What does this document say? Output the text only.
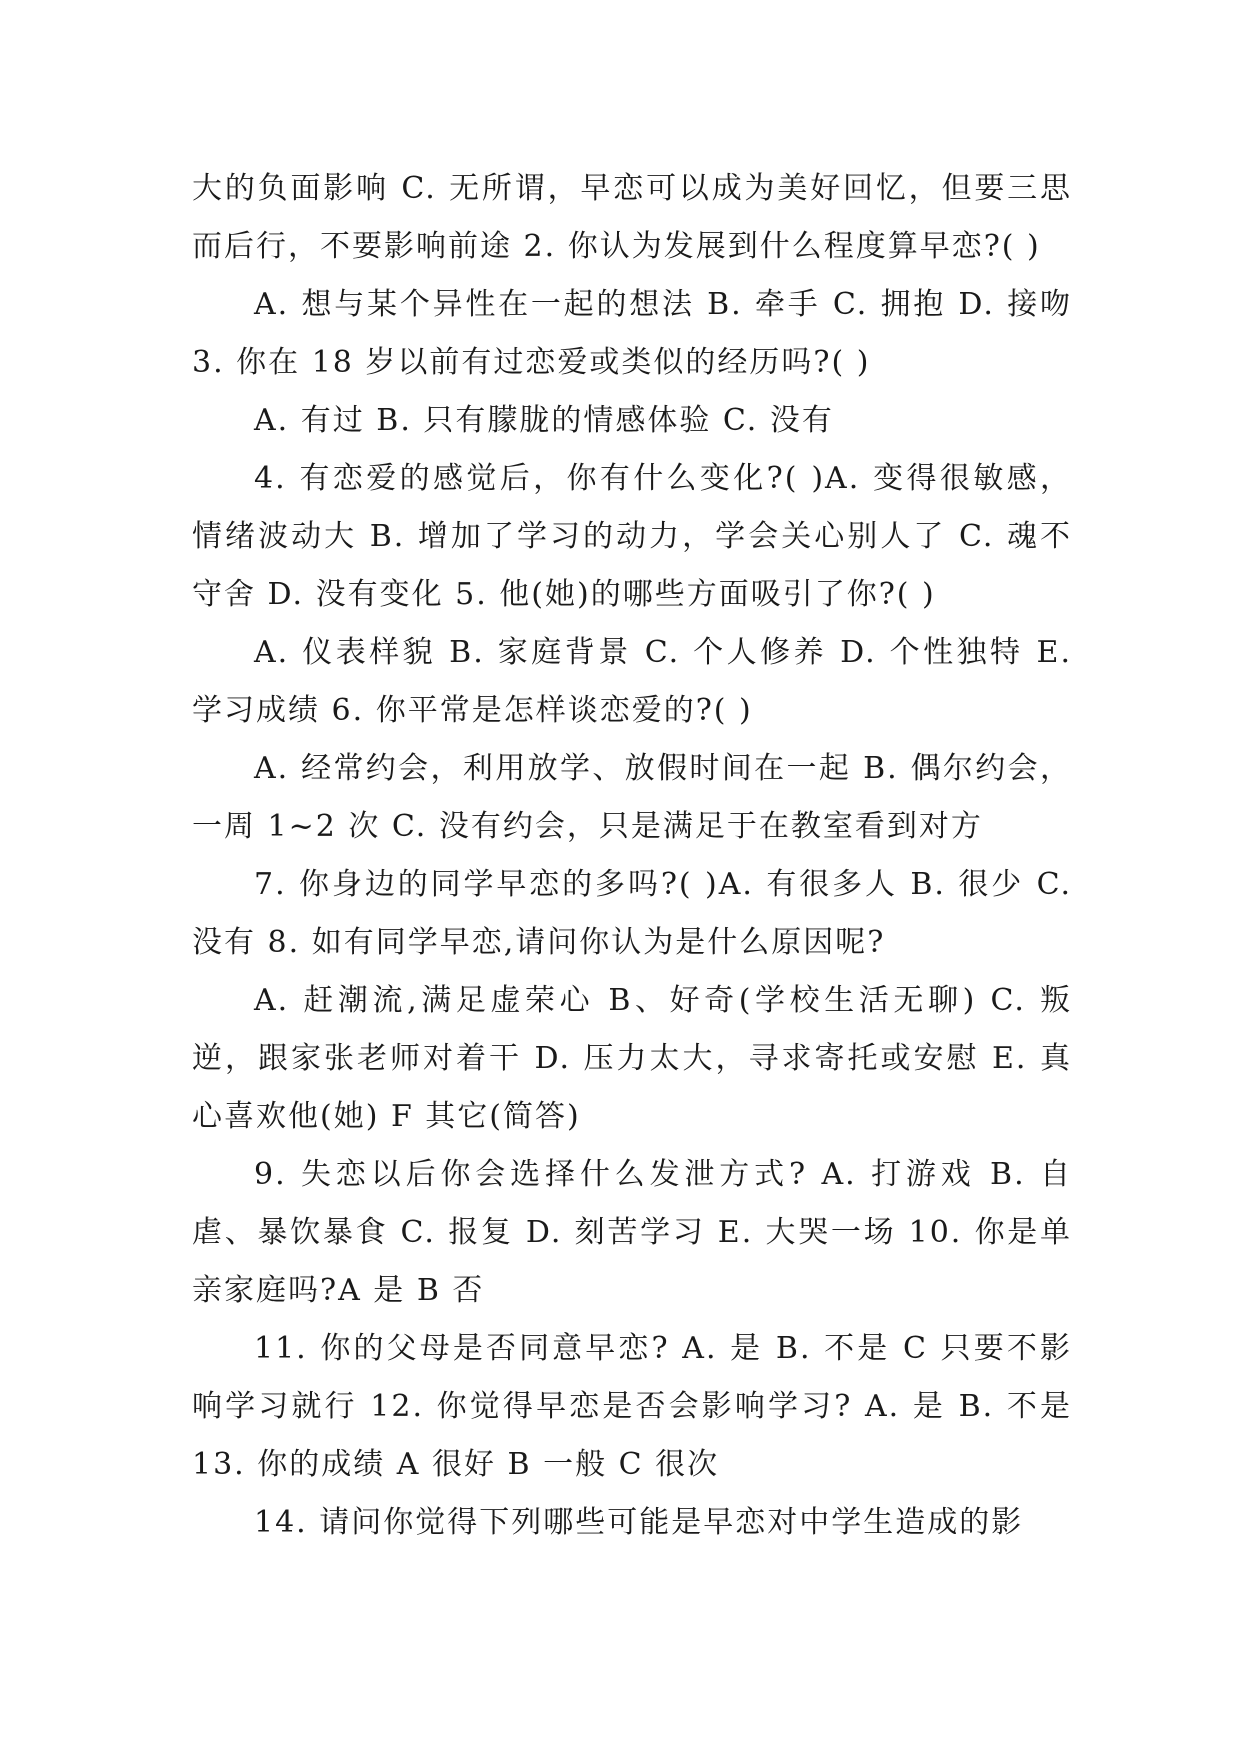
大的负面影响 C. 无所谓，早恋可以成为美好回忆，但要三思而后行，不要影响前途 2. 你认为发展到什么程度算早恋?( )

A. 想与某个异性在一起的想法 B. 牵手 C. 拥抱 D. 接吻 3. 你在 18 岁以前有过恋爱或类似的经历吗?( )

A. 有过 B. 只有朦胧的情感体验 C. 没有

4. 有恋爱的感觉后，你有什么变化?( )A. 变得很敏感，情绪波动大 B. 增加了学习的动力，学会关心别人了 C. 魂不守舍 D. 没有变化 5. 他(她)的哪些方面吸引了你?( )

A. 仪表样貌 B. 家庭背景 C. 个人修养 D. 个性独特 E. 学习成绩 6. 你平常是怎样谈恋爱的?( )

A. 经常约会，利用放学、放假时间在一起 B. 偶尔约会，一周 1~2 次 C. 没有约会，只是满足于在教室看到对方

7. 你身边的同学早恋的多吗?( )A. 有很多人 B. 很少 C. 没有 8. 如有同学早恋,请问你认为是什么原因呢?

A. 赶潮流,满足虚荣心 B、好奇(学校生活无聊) C. 叛逆，跟家张老师对着干 D. 压力太大，寻求寄托或安慰 E. 真心喜欢他(她) F 其它(简答)

9. 失恋以后你会选择什么发泄方式? A. 打游戏 B. 自虐、暴饮暴食 C. 报复 D. 刻苦学习 E. 大哭一场 10. 你是单亲家庭吗?A 是 B 否

11. 你的父母是否同意早恋? A. 是 B. 不是 C 只要不影响学习就行 12. 你觉得早恋是否会影响学习? A. 是 B. 不是 13. 你的成绩 A 很好 B 一般 C 很次

14. 请问你觉得下列哪些可能是早恋对中学生造成的影
